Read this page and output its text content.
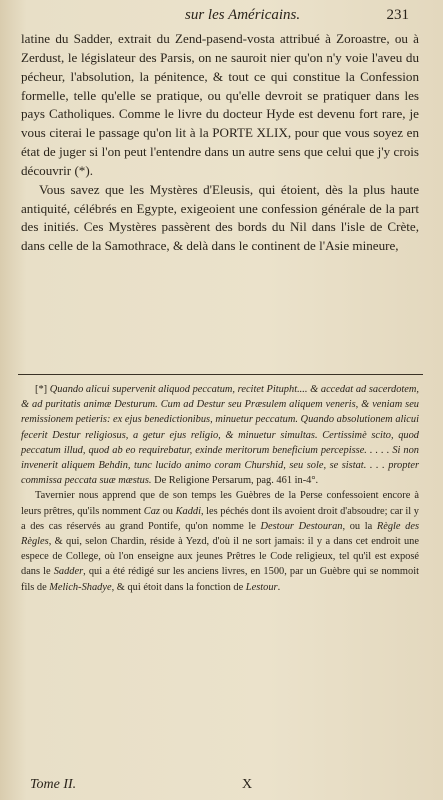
sur les Américains.	231

latine du Sadder, extrait du Zend-pasend-vosta attribué à Zoroastre, ou à Zerdust, le législateur des Parsis, on ne sauroit nier qu'on n'y voie l'aveu du pécheur, l'absolution, la pénitence, & tout ce qui constitue la Confession formelle, telle qu'elle se pratique, ou qu'elle devroit se pratiquer dans les pays Catholiques. Comme le livre du docteur Hyde est devenu fort rare, je vous citerai le passage qu'on lit à la PORTE XLIX, pour que vous soyez en état de juger si l'on peut l'entendre dans un autre sens que celui que j'y crois découvrir (*).

Vous savez que les Mystères d'Eleusis, qui étoient, dès la plus haute antiquité, célébrés en Egypte, exigeoient une confession générale de la part des initiés. Ces Mystères passèrent des bords du Nil dans l'isle de Crète, dans celle de la Samothrace, & delà dans le continent de l'Asie mineure,

[*] Quando alicui supervenit aliquod peccatum, recitet Pitupht.... & accedat ad sacerdotem, & ad puritatis animæ Desturum. Cum ad Destur seu Præsulem aliquem veneris, & veniam seu remissionem petieris: ex ejus benedictionibus, minuetur peccatum. Quando absolutionem alicui fecerit Destur religiosus, a getur ejus religio, & minuetur simultas. Certissimè scito, quod peccatum illud, quod ab eo requirebatur, exinde meritorum beneficium percepisse. . . . . Si non invenerit aliquem Behdin, tunc lucido animo coram Churshid, seu sole, se sistat. . . . propter commissa peccata suæ mæstus. De Religione Persarum, pag. 461 in-4°.

Tavernier nous apprend que de son temps les Guèbres de la Perse confessoient encore à leurs prêtres, qu'ils nomment Caz ou Kaddi, les péchés dont ils avoient droit d'absoudre; car il y a des cas réservés au grand Pontife, qu'on nomme le Destour Destouran, ou la Règle des Règles, & qui, selon Chardin, réside à Yezd, d'où il ne sort jamais: il y a dans cet endroit une espece de College, où l'on enseigne aux jeunes Prêtres le Code religieux, tel qu'il est exposé dans le Sadder, qui a été rédigé sur les anciens livres, en 1500, par un Guèbre qui se nommoit fils de Melich-Shadye, & qui étoit dans la fonction de Lestour.

Tome II.	X
